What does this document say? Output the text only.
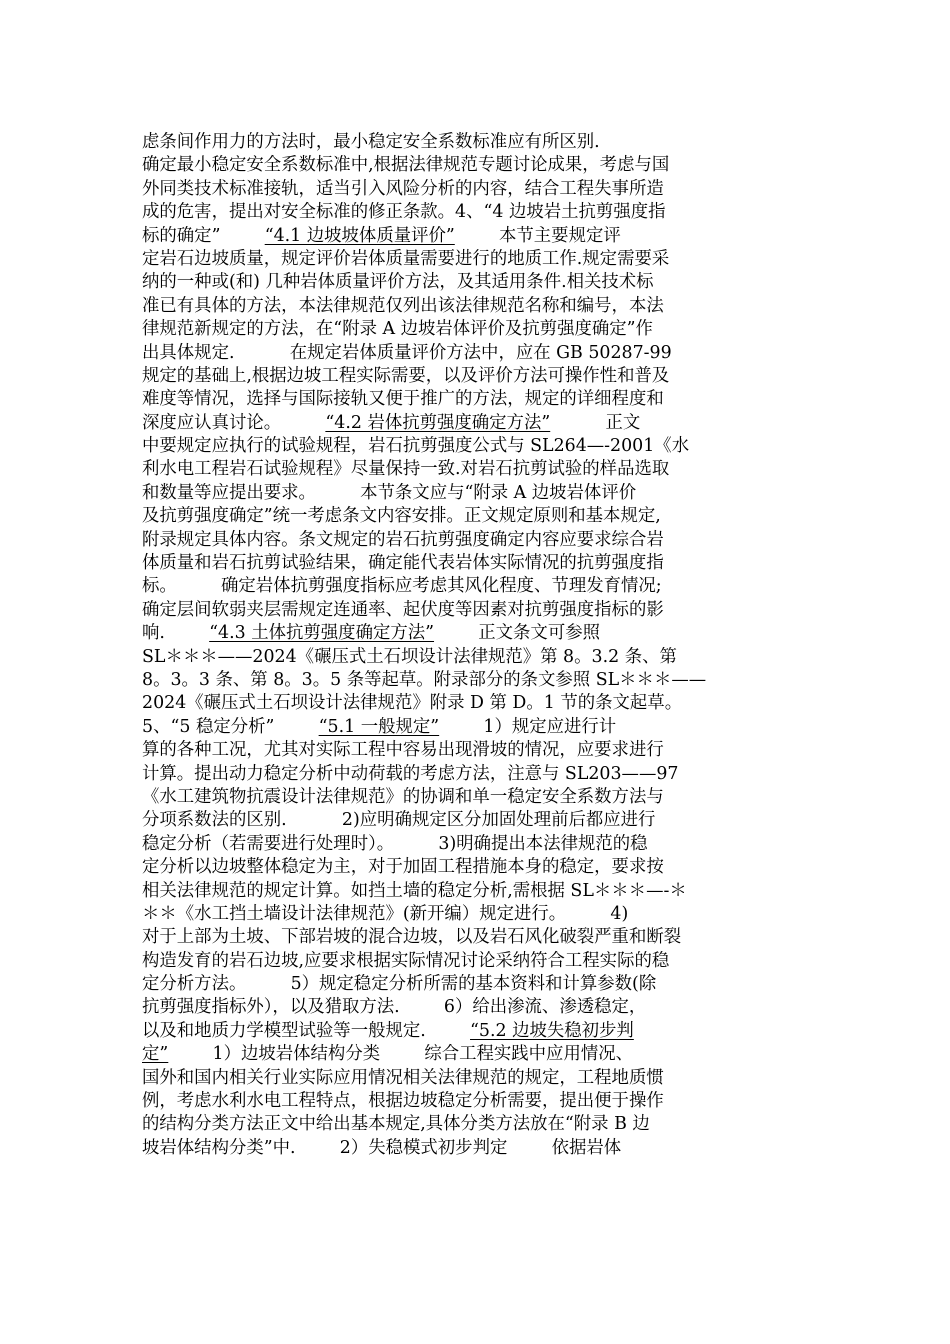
虑条间作用力的方法时，最小稳定安全系数标准应有所区别.
确定最小稳定安全系数标准中,根据法律规范专题讨论成果，考虑与国
外同类技术标准接轨，适当引入风险分析的内容，结合工程失事所造
成的危害，提出对安全标准的修正条款。4、“4 边坡岩土抗剪强度指
标的确定”        “4.1 边坡坡体质量评价”        本节主要规定评
定岩石边坡质量，规定评价岩体质量需要进行的地质工作.规定需要采
纳的一种或(和) 几种岩体质量评价方法，及其适用条件.相关技术标
准已有具体的方法，本法律规范仅列出该法律规范名称和编号，本法
律规范新规定的方法，在“附录 A 边坡岩体评价及抗剪强度确定”作
出具体规定.          在规定岩体质量评价方法中，应在 GB 50287-99
规定的基础上,根据边坡工程实际需要，以及评价方法可操作性和普及
难度等情况，选择与国际接轨又便于推广的方法，规定的详细程度和
深度应认真讨论。        “4.2 岩体抗剪强度确定方法”          正文
中要规定应执行的试验规程，岩石抗剪强度公式与 SL264—-2001《水
利水电工程岩石试验规程》尽量保持一致.对岩石抗剪试验的样品选取
和数量等应提出要求。        本节条文应与“附录 A 边坡岩体评价
及抗剪强度确定”统一考虑条文内容安排。正文规定原则和基本规定,
附录规定具体内容。条文规定的岩石抗剪强度确定内容应要求综合岩
体质量和岩石抗剪试验结果，确定能代表岩体实际情况的抗剪强度指
标。        确定岩体抗剪强度指标应考虑其风化程度、节理发育情况;
确定层间软弱夹层需规定连通率、起伏度等因素对抗剪强度指标的影
响.        “4.3 土体抗剪强度确定方法”        正文条文可参照
SL＊＊＊——2024《碾压式土石坝设计法律规范》第 8。3.2 条、第
8。3。3 条、第 8。3。5 条等起草。附录部分的条文参照 SL＊＊＊——
2024《碾压式土石坝设计法律规范》附录 D 第 D。1 节的条文起草。
5、“5 稳定分析”        “5.1 一般规定”        1）规定应进行计
算的各种工况，尤其对实际工程中容易出现滑坡的情况，应要求进行
计算。提出动力稳定分析中动荷载的考虑方法，注意与 SL203——97
《水工建筑物抗震设计法律规范》的协调和单一稳定安全系数方法与
分项系数法的区别.          2)应明确规定区分加固处理前后都应进行
稳定分析（若需要进行处理时）。        3)明确提出本法律规范的稳
定分析以边坡整体稳定为主，对于加固工程措施本身的稳定，要求按
相关法律规范的规定计算。如挡土墙的稳定分析,需根据 SL＊＊＊—-＊
＊＊《水工挡土墙设计法律规范》(新开编）规定进行。        4)
对于上部为土坡、下部岩坡的混合边坡，以及岩石风化破裂严重和断裂
构造发育的岩石边坡,应要求根据实际情况讨论采纳符合工程实际的稳
定分析方法。        5）规定稳定分析所需的基本资料和计算参数(除
抗剪强度指标外），以及猎取方法.        6）给出渗流、渗透稳定，
以及和地质力学模型试验等一般规定.        “5.2 边坡失稳初步判
定”        1）边坡岩体结构分类        综合工程实践中应用情况、
国外和国内相关行业实际应用情况相关法律规范的规定，工程地质惯
例，考虑水利水电工程特点，根据边坡稳定分析需要，提出便于操作
的结构分类方法正文中给出基本规定,具体分类方法放在“附录 B 边
坡岩体结构分类”中.        2）失稳模式初步判定        依据岩体
